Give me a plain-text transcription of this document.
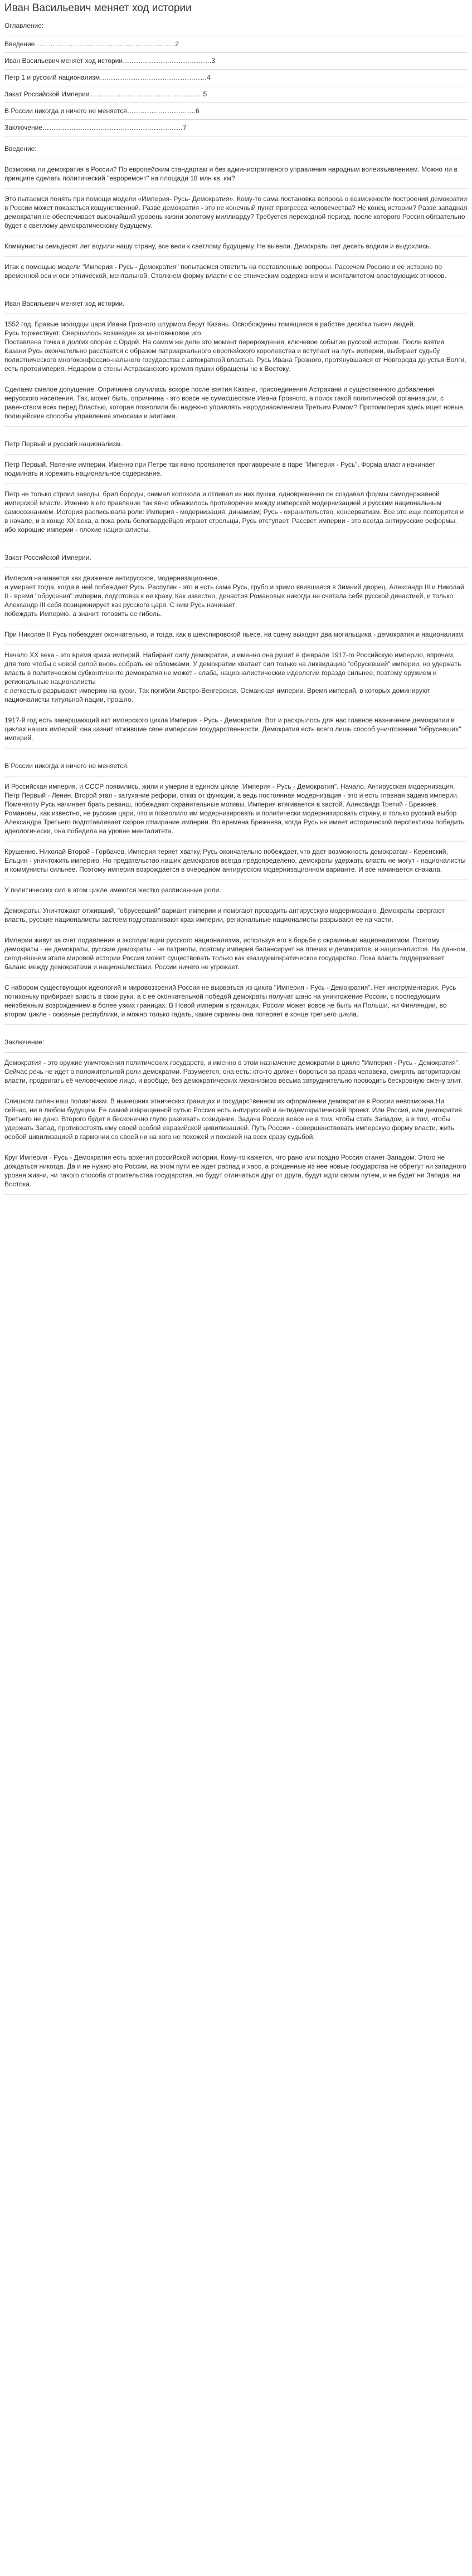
Иван Васильевич меняет ход истории
Оглавление:
Введение………………………………………………………2
Иван Васильевич меняет ход истории………………………………….3
Петр 1 и русский национализм…………………………………………4
Закат Российской Империи……………………………………………5
В России никогда и ничего не меняется………………………….6
Заключение………………………………………………………7
Введение:
Возможна ли демократия в России? По европейским стандартам и без административного управления народным волеизъявлением. Можно ли в принципе сделать политический "евроремонт" на площади 18 млн кв. км?
Это пытаемся понять при помощи модели «Империя- Русь- Демократия». Кому-то сама постановка вопроса о возможности построения демократии в России может показаться кощунственной. Разве демократия - это не конечный пункт прогресса человечества? Не конец истории? Разве западная демократия не обеспечивает высочайший уровень жизни золотому миллиарду? Требуется переходной период, после которого Россия обязательно будет с светлому демократическому будущему.
Коммунисты семьдесят лет водили нашу страну, все вели к светлому будущему. Не вывели. Демократы лет десять водили и выдохлись.
Итак с помощью модели "Империя - Русь - Демократия" попытаемся ответить на поставленные вопросы. Рассечем Россию и ее историю по временной оси и оси этнической, ментальной. Столкнем форму власти с ее этническим содержанием и менталитетом властвующих этносов.
Иван Васильевич меняет ход истории.
1552 год. Бравые молодцы царя Ивана Грозного штурмом берут Казань. Освобождены томящиеся в рабстве десятки тысяч людей.
Русь торжествует. Свершилось возмездие за многовековое иго.
Поставлена точка в долгих спорах с Ордой. На самом же деле это момент перерождения, ключевое событие русской истории. После взятия Казани Русь окончательно расстается с образом патриархального европейского королевства и вступает на путь империи, выбирает судьбу полиэтнического многоконфессио-нального государства с автократной властью. Русь Ивана Грозного, протянувшаяся от Новгорода до устья Волги, есть протоимперия. Недаром в стены Астраханского кремля пушки обращены не к Востоку.
Сделаем смелое допущение. Опричнина случилась вскоре после взятия Казани, присоединения Астрахани и существенного добавления нерусского населения. Так, может быть, опричнина - это вовсе не сумасшествие Ивана Грозного, а поиск такой политической организации, с равенством всех перед Властью, которая позволила бы надежно управлять народонаселением Третьим Римом? Протоимперия здесь ищет новые, полицейские способы управления этносами и элитами.
Петр Первый и русский национализм.
Петр Первый. Явление империи. Именно при Петре так явно проявляется противоречие в паре "Империя - Русь". Форма власти начинает подминать и корежить национальное содержание.
Петр не только строил заводы, брил бороды, снимал колокола и отливал из них пушки, одновременно он создавал формы самодержавной имперской власти. Именно в его правление так явно обнажилось противоречие между имперской модернизацией и русским национальным самосознанием. История расписывала роли: Империя - модернизация, динамизм; Русь - охранительство, консерватизм. Все это еще повторится и в начале, и в конце XX века, а пока роль белогвардейцев играют стрельцы, Русь отступает. Рассвет империи - это всегда антирусские реформы, ибо хорошие империи - плохие националисты.
Закат Российской Империи.
Империя начинается как движение антирусское, модернизационное,
и умирает тогда, когда в ней побеждает Русь. Распутин - это и есть сама Русь, грубо и зримо явившаяся в Зимний дворец. Александр III и Николай II - время "обрусения" империи, подготовка к ее краху. Как известно, династия Романовых никогда не считала себя русской династией, и только Александр III себя позиционирует как русского царя. С ним Русь начинает
побеждать Империю, а значит, готовить ее гибель.
При Николае II Русь побеждает окончательно, и тогда, как в шекспировской пьесе, на сцену выходят два могильщика - демократия и национализм.
Начало XX века - это время краха империй. Набирает силу демократия, и именно она рушит в феврале 1917-го Российскую империю, впрочем, для того чтобы с новой силой вновь собрать ее обломками. У демократии хватает сил только на ликвидацию "обрусевшей" империи, но удержать власть в политическом субконтиненте демократия не может - слаба, националистические идеологии гораздо сильнее, поэтому оружием и региональные националисты
с легкостью разрывают империю на куски. Так погибли Австро-Венгерская, Османская империи. Время империй, в которых доминируют националисты титульной нации, прошло.
1917-й год есть завершающий акт имперского цикла Империя - Русь - Демократия. Вот и раскрылось для нас главное назначение демократии в циклах наших империй: она казнит отжившие свое имперские государственности. Демократия есть всего лишь способ уничтожения "обрусевших" империй.
В России никогда и ничего не меняется.
И Российская империя, и СССР появились, жили и умерли в едином цикле "Империя - Русь - Демократия". Начало. Антирусская модернизация. Петр Первый - Ленин. Второй этап - затухание реформ, отказ от функции, а ведь постоянная модернизация - это и есть главная задача империи. Поменялту Русь начинает брать реванш, побеждают охранительные мотивы. Империя втягивается в застой. Александр Третий - Брежнев. Романовы, как известно, не русские цари, что и позволило им модернизировать и политически модернизировать страну, и только русский выбор Александра Третьего подготавливает скорое отмирание империи. Во времена Брежнева, когда Русь не имеет исторической перспективы победить идеологически, она победила на уровне менталитета.
Крушение. Николай Второй - Горбачев. Империя теряет хватку, Русь окончательно побеждает, что дает возможность демократам - Керенский, Ельцин - уничтожить империю. Но предательство наших демократов всегда предопределено, демократы удержать власть не могут - националисты и коммунисты сильнее. Поэтому империя возрождается в очередном антирусском модернизационном варианте. И все начинается сначала.
У политических сил в этом цикле имеются жестко расписанные роли.
Демократы. Уничтожают отживший, "обрусевший" вариант империи и помогают проводить антирусскую модернизацию. Демократы свергают власть, русские националисты застоем подготавливают крах империи, региональные националисты разрывают ее на части.
Империи живут за счет подавления и эксплуатации русского национализма, используя его в борьбе с окраинным национализмом. Поэтому демократы - не демократы, русские демократы - не патриоты, поэтому империя балансирует на плечах и демократов, и националистов. На данном, сегодняшнем этапе мировой истории Россия может существовать только как квазидемократическое государство. Пока власть поддерживает баланс между демократами и националистами, России ничего не угрожает.
С набором существующих идеологий и мировоззрений Россия не вырваться из цикла "Империя - Русь - Демократия". Нет инструментария. Русь потихоньку прибирает власть в свои руки, а с ее окончательной победой демократы получат шанс на уничтожение России, с последующим неизбежным возрождением в более узких границах. В Новой империи в границах, России может вовсе не быть ни Польши, ни Финляндии, во втором цикле - союзные республики, и можно только гадать, какие окраины она потеряет в конце третьего цикла.
Заключение:
Демократия - это оружие уничтожения политических государств, и именно в этом назначение демократии в цикле "Империя - Русь - Демократия". Сейчас речь не идет о положительной роли демократии. Разумеется, она есть: кто-то должен бороться за права человека, смирять авторитаризм власти, продвигать её человеческое лицо, и вообще, без демократических механизмов весьма затруднительно проводить бескровную смену элит.
Слишком силен наш полиэтнизм. В нынешних этнических границах и государственном их оформлении демократия в России невозможна.Ни сейчас, ни в любом будущем. Ее самой извращенной сутью Россия есть антирусский и антидемократический проект. Или Россия, или демократия. Третьего не дано. Второго будет в бесконечно глупо развивать созидание. Задача России вовсе не в том, чтобы стать Западом, а в том, чтобы удержать Запад, противостоять ему своей особой евразийской цивилизацией. Путь России - совершенствовать имперскую форму власти, жить особой цивилизацией в гармонии со своей ни на кого не похожей и похожей на всех сразу судьбой.
Круг Империя - Русь - Демократия есть архетип российской истории. Кому-то кажется, что рано или поздно Россия станет Западом. Этого не дождаться никогда. Да и не нужно это России, на этом пути ее ждет распад и хаос, а рожденные из нее новые государства не обретут ни западного уровня жизни, ни такого способа строительства государства, но будут отличаться друг от друга, будут идти своим путем, и не будет ни Запада, ни Востока.
